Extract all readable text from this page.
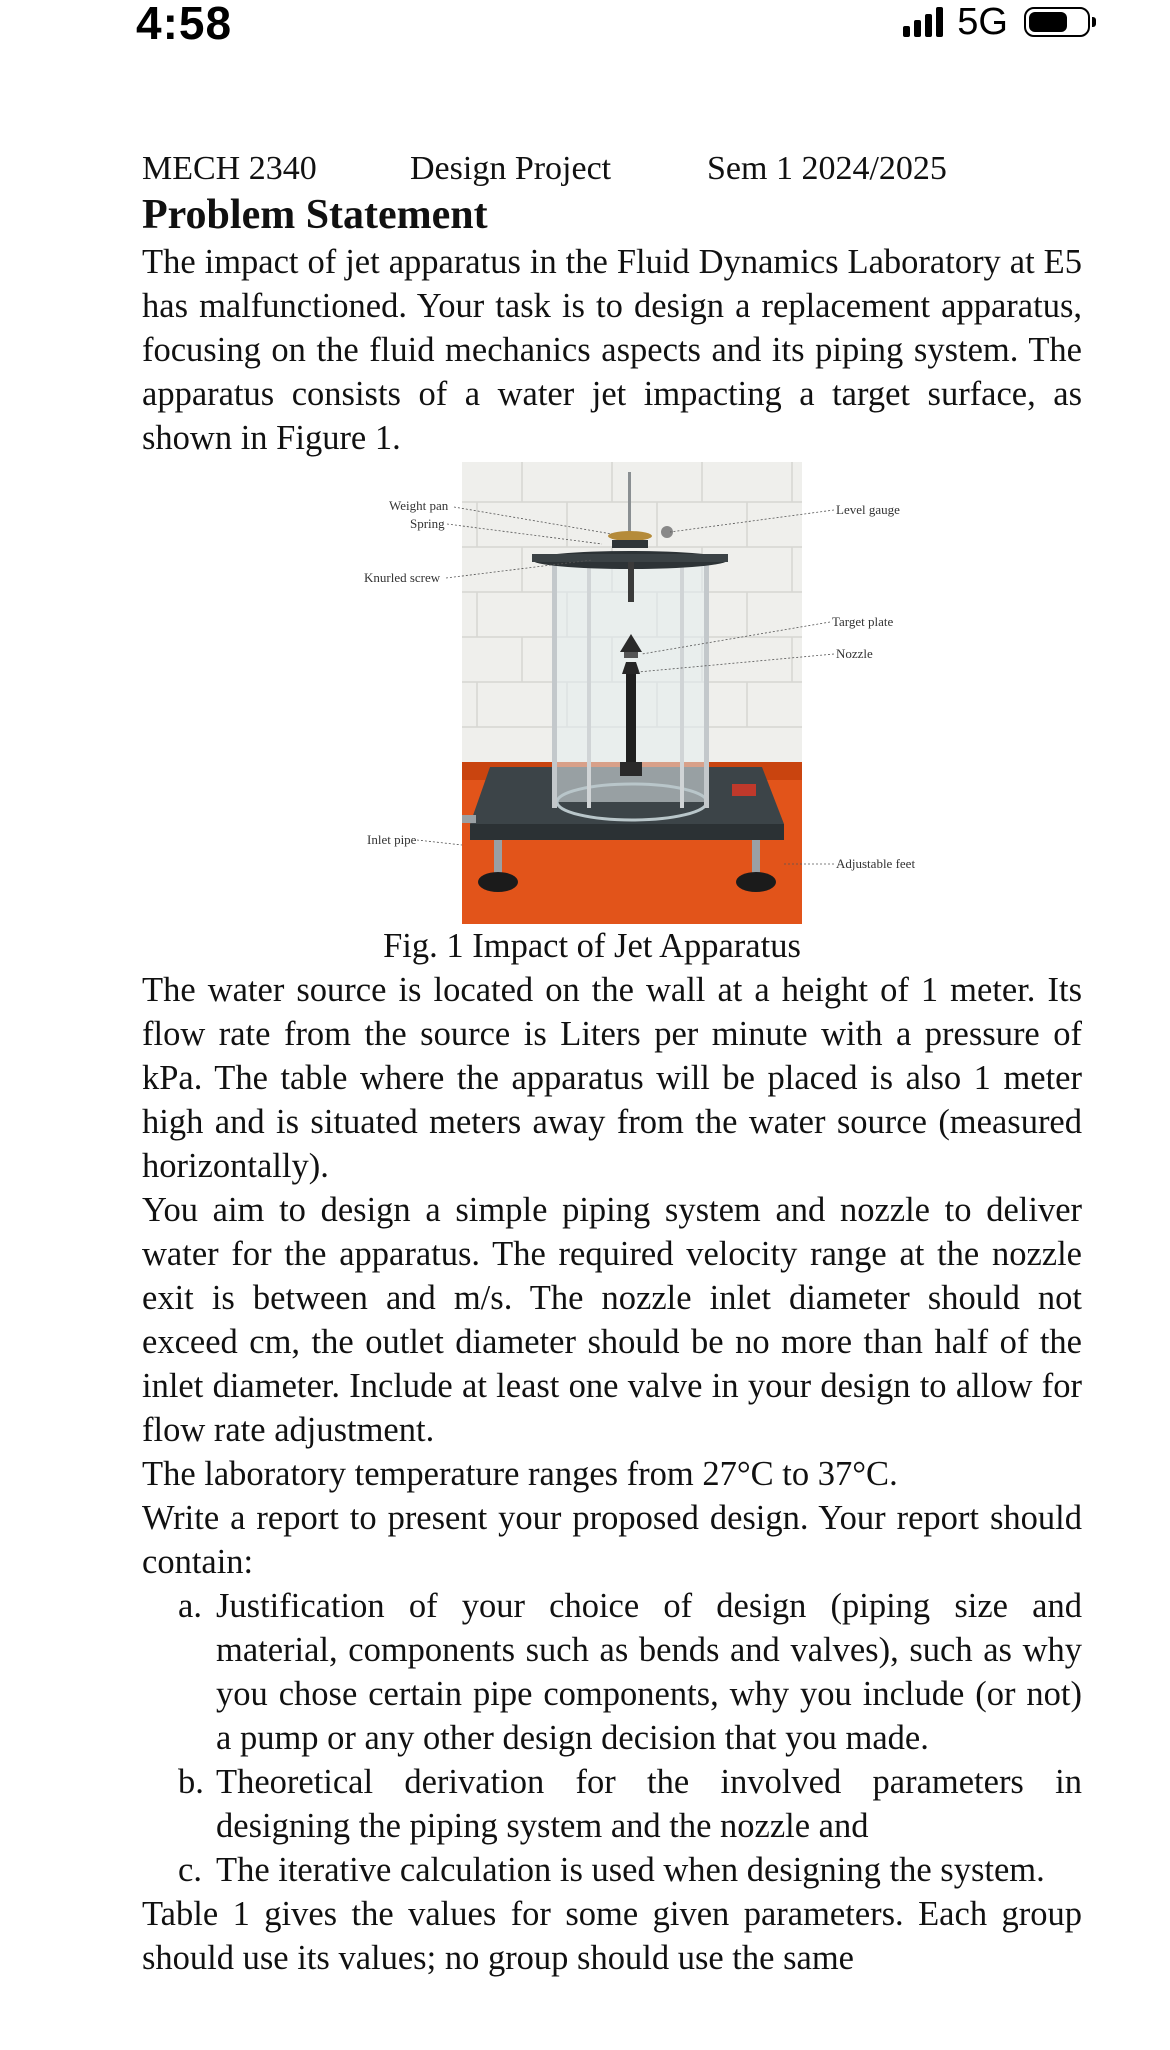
4:58	5G
MECH 2340	Design Project	Sem 1 2024/2025
Problem Statement

The impact of jet apparatus in the Fluid Dynamics Laboratory at E5 has malfunctioned. Your task is to design a replacement apparatus, focusing on the fluid mechanics aspects and its piping system. The apparatus consists of a water jet impacting a target surface, as shown in Figure 1.

Weight pan
Spring
Knurled screw
Inlet pipe
Level gauge
Target plate
Nozzle
Adjustable feet
Fig. 1 Impact of Jet Apparatus

The water source is located on the wall at a height of 1 meter. Its flow rate from the source is Liters per minute with a pressure of kPa. The table where the apparatus will be placed is also 1 meter high and is situated meters away from the water source (measured horizontally).

You aim to design a simple piping system and nozzle to deliver water for the apparatus. The required velocity range at the nozzle exit is between and m/s. The nozzle inlet diameter should not exceed cm, the outlet diameter should be no more than half of the inlet diameter. Include at least one valve in your design to allow for flow rate adjustment.

The laboratory temperature ranges from 27°C to 37°C.

Write a report to present your proposed design. Your report should contain:

a. Justification of your choice of design (piping size and material, components such as bends and valves), such as why you chose certain pipe components, why you include (or not) a pump or any other design decision that you made.
b. Theoretical derivation for the involved parameters in designing the piping system and the nozzle and
c. The iterative calculation is used when designing the system.

Table 1 gives the values for some given parameters. Each group should use its values; no group should use the same
